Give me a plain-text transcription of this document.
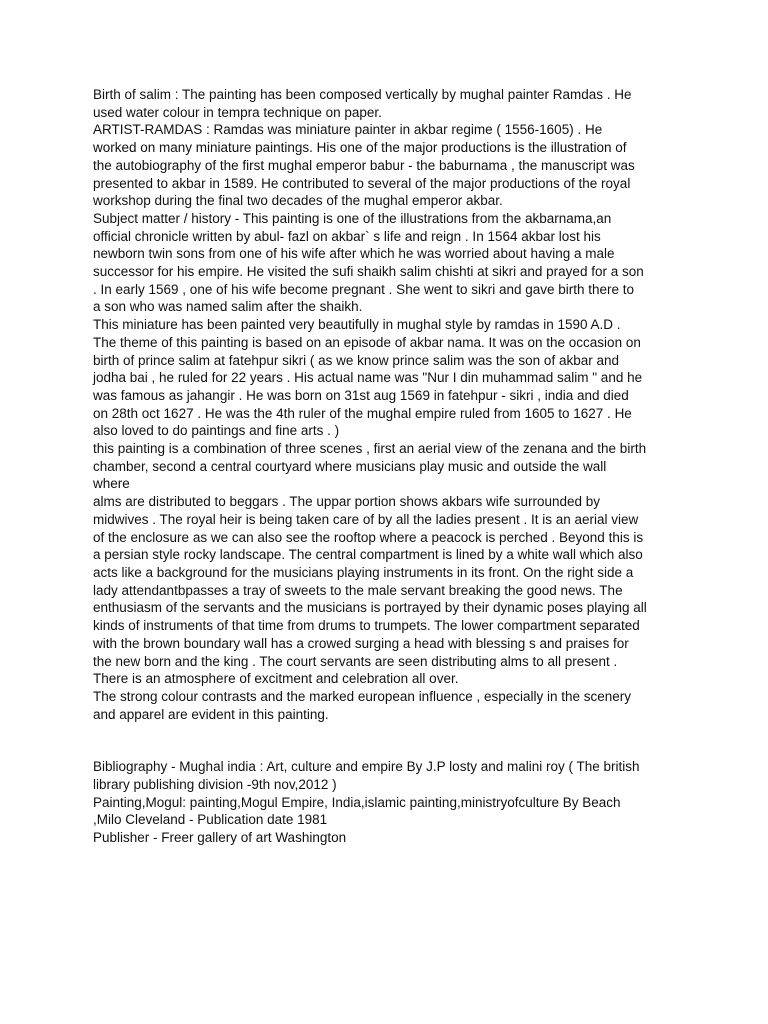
Birth of salim : The painting has been composed vertically by mughal painter Ramdas . He
used water colour in tempra technique on paper.
ARTIST-RAMDAS : Ramdas was miniature painter in akbar regime ( 1556-1605) . He
worked on many miniature paintings. His one of the major productions is the illustration of
the autobiography of the first mughal emperor babur - the baburnama , the manuscript was
presented to akbar in 1589. He contributed to several of the major productions of the royal
workshop during the final two decades of the mughal emperor akbar.
Subject matter / history - This painting is one of the illustrations from the akbarnama,an
official chronicle written by abul- fazl on akbar` s life and reign . In 1564 akbar lost his
newborn twin sons from one of his wife after which he was worried about having a male
successor for his empire. He visited the sufi shaikh salim chishti at sikri and prayed for a son
. In early 1569 , one of his wife become pregnant . She went to sikri and gave birth there to
a son who was named salim after the shaikh.
This miniature has been painted very beautifully in mughal style by ramdas in 1590 A.D .
The theme of this painting is based on an episode of akbar nama. It was on the occasion on
birth of prince salim at fatehpur sikri ( as we know prince salim was the son of akbar and
jodha bai , he ruled for 22 years . His actual name was "Nur I din muhammad salim " and he
was famous as jahangir . He was born on 31st aug 1569 in fatehpur - sikri , india and died
on 28th oct 1627 . He was the 4th ruler of the mughal empire ruled from 1605 to 1627 . He
also loved to do paintings and fine arts . )
this painting is a combination of three scenes , first an aerial view of the zenana and the birth
chamber, second a central courtyard where musicians play music and outside the wall
where
alms are distributed to beggars . The uppar portion shows akbars wife surrounded by
midwives . The royal heir is being taken care of by all the ladies present . It is an aerial view
of the enclosure as we can also see the rooftop where a peacock is perched . Beyond this is
a persian style rocky landscape. The central compartment is lined by a white wall which also
acts like a background for the musicians playing instruments in its front. On the right side a
lady attendantbpasses a tray of sweets to the male servant breaking the good news. The
enthusiasm of the servants and the musicians is portrayed by their dynamic poses playing all
kinds of instruments of that time from drums to trumpets. The lower compartment separated
with the brown boundary wall has a crowed surging a head with blessing s and praises for
the new born and the king . The court servants are seen distributing alms to all present .
There is an atmosphere of excitment and celebration all over.
The strong colour contrasts and the marked european influence , especially in the scenery
and apparel are evident in this painting.
Bibliography - Mughal india : Art, culture and empire By J.P losty and malini roy ( The british
library publishing division -9th nov,2012 )
Painting,Mogul: painting,Mogul Empire, India,islamic painting,ministryofculture By Beach
,Milo Cleveland - Publication date 1981
Publisher - Freer gallery of art Washington
